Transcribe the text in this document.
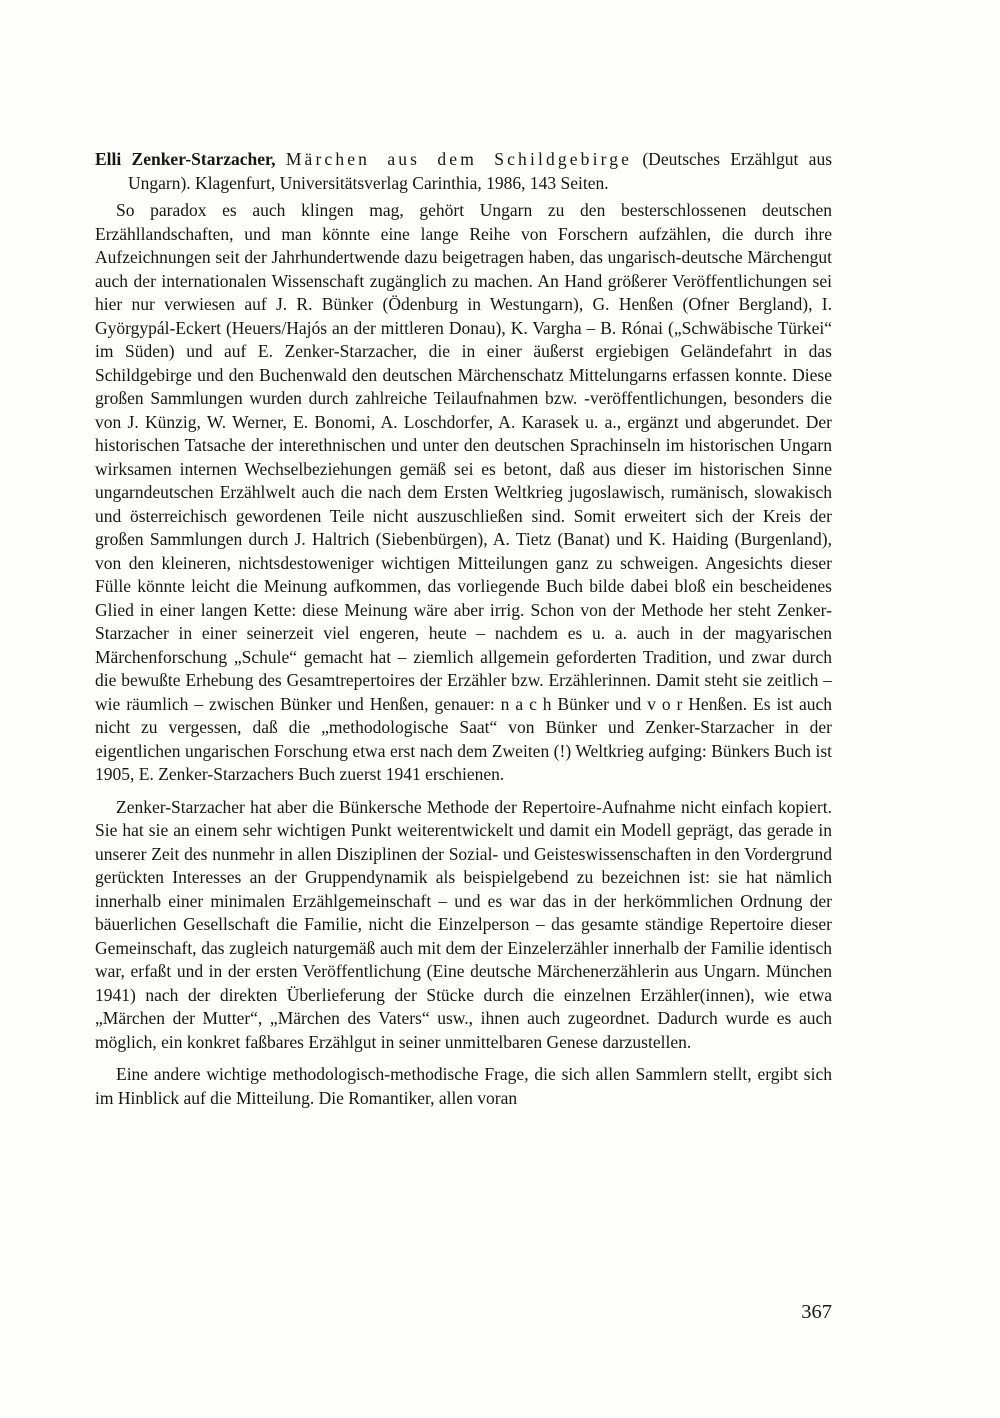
Elli Zenker-Starzacher, Märchen aus dem Schildgebirge (Deutsches Erzählgut aus Ungarn). Klagenfurt, Universitätsverlag Carinthia, 1986, 143 Seiten.

So paradox es auch klingen mag, gehört Ungarn zu den besterschlossenen deutschen Erzähllandschaften, und man könnte eine lange Reihe von Forschern aufzählen, die durch ihre Aufzeichnungen seit der Jahrhundertwende dazu beigetragen haben, das ungarisch-deutsche Märchengut auch der internationalen Wissenschaft zugänglich zu machen. An Hand größerer Veröffentlichungen sei hier nur verwiesen auf J. R. Bünker (Ödenburg in Westungarn), G. Henßen (Ofner Bergland), I. Györgypál-Eckert (Heuers/Hajós an der mittleren Donau), K. Vargha – B. Rónai („Schwäbische Türkei“ im Süden) und auf E. Zenker-Starzacher, die in einer äußerst ergiebigen Geländefahrt in das Schildgebirge und den Buchenwald den deutschen Märchenschatz Mittelungarns erfassen konnte. Diese großen Sammlungen wurden durch zahlreiche Teilaufnahmen bzw. -veröffentlichungen, besonders die von J. Künzig, W. Werner, E. Bonomi, A. Loschdorfer, A. Karasek u. a., ergänzt und abgerundet. Der historischen Tatsache der interethnischen und unter den deutschen Sprachinseln im historischen Ungarn wirksamen internen Wechselbeziehungen gemäß sei es betont, daß aus dieser im historischen Sinne ungarndeutschen Erzählwelt auch die nach dem Ersten Weltkrieg jugoslawisch, rumänisch, slowakisch und österreichisch gewordenen Teile nicht auszuschließen sind. Somit erweitert sich der Kreis der großen Sammlungen durch J. Haltrich (Siebenbürgen), A. Tietz (Banat) und K. Haiding (Burgenland), von den kleineren, nichtsdestoweniger wichtigen Mitteilungen ganz zu schweigen. Angesichts dieser Fülle könnte leicht die Meinung aufkommen, das vorliegende Buch bilde dabei bloß ein bescheidenes Glied in einer langen Kette: diese Meinung wäre aber irrig. Schon von der Methode her steht Zenker-Starzacher in einer seinerzeit viel engeren, heute – nachdem es u. a. auch in der magyarischen Märchenforschung „Schule“ gemacht hat – ziemlich allgemein geforderten Tradition, und zwar durch die bewußte Erhebung des Gesamtrepertoires der Erzähler bzw. Erzählerinnen. Damit steht sie zeitlich – wie räumlich – zwischen Bünker und Henßen, genauer: n a c h Bünker und v o r Henßen. Es ist auch nicht zu vergessen, daß die „methodologische Saat“ von Bünker und Zenker-Starzacher in der eigentlichen ungarischen Forschung etwa erst nach dem Zweiten (!) Weltkrieg aufging: Bünkers Buch ist 1905, E. Zenker-Starzachers Buch zuerst 1941 erschienen.

Zenker-Starzacher hat aber die Bünkersche Methode der Repertoire-Aufnahme nicht einfach kopiert. Sie hat sie an einem sehr wichtigen Punkt weiterentwickelt und damit ein Modell geprägt, das gerade in unserer Zeit des nunmehr in allen Disziplinen der Sozial- und Geisteswissenschaften in den Vordergrund gerückten Interesses an der Gruppendynamik als beispielgebend zu bezeichnen ist: sie hat nämlich innerhalb einer minimalen Erzählgemeinschaft – und es war das in der herkömmlichen Ordnung der bäuerlichen Gesellschaft die Familie, nicht die Einzelperson – das gesamte ständige Repertoire dieser Gemeinschaft, das zugleich naturgemäß auch mit dem der Einzelerzähler innerhalb der Familie identisch war, erfaßt und in der ersten Veröffentlichung (Eine deutsche Märchenerzählerin aus Ungarn. München 1941) nach der direkten Überlieferung der Stücke durch die einzelnen Erzähler(innen), wie etwa „Märchen der Mutter“, „Märchen des Vaters“ usw., ihnen auch zugeordnet. Dadurch wurde es auch möglich, ein konkret faßbares Erzählgut in seiner unmittelbaren Genese darzustellen.

Eine andere wichtige methodologisch-methodische Frage, die sich allen Sammlern stellt, ergibt sich im Hinblick auf die Mitteilung. Die Romantiker, allen voran

367
